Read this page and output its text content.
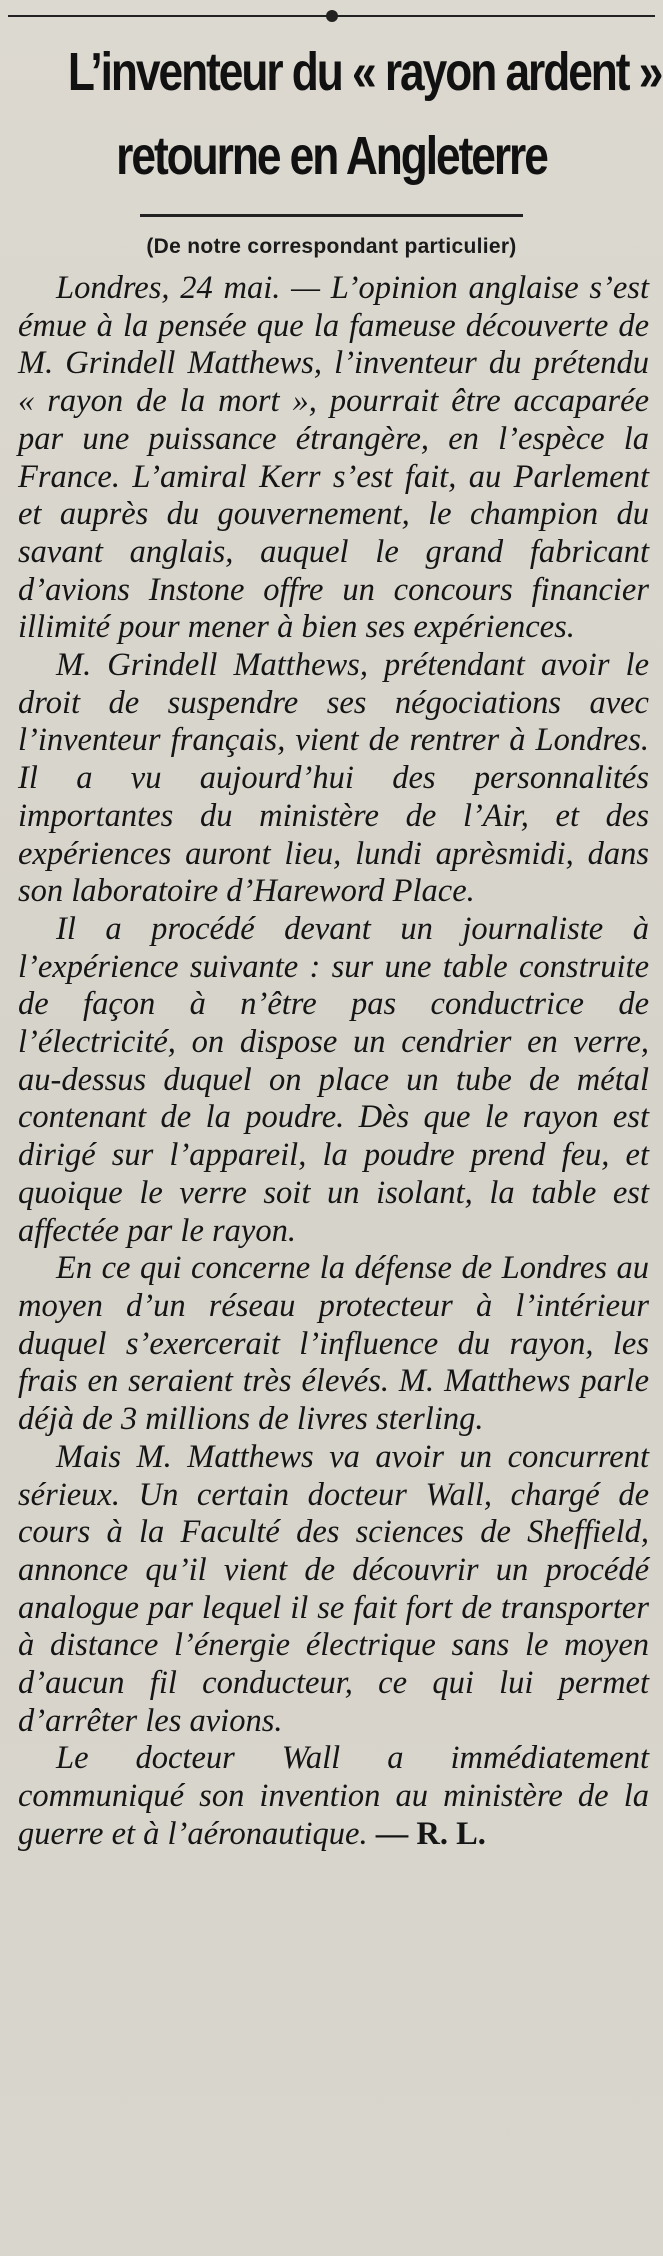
L’inventeur du « rayon ardent »
retourne en Angleterre
(De notre correspondant particulier)

Londres, 24 mai. — L’opinion anglaise s’est émue à la pensée que la fameuse découverte de M. Grindell Matthews, l’inventeur du prétendu « rayon de la mort », pourrait être accaparée par une puissance étrangère, en l’espèce la France. L’amiral Kerr s’est fait, au Parlement et auprès du gouvernement, le champion du savant anglais, auquel le grand fabricant d’avions Instone offre un concours financier illimité pour mener à bien ses expériences.

M. Grindell Matthews, prétendant avoir le droit de suspendre ses négociations avec l’inventeur français, vient de rentrer à Londres. Il a vu aujourd’hui des personnalités importantes du ministère de l’Air, et des expériences auront lieu, lundi aprèsmidi, dans son laboratoire d’Hareword Place.

Il a procédé devant un journaliste à l’expérience suivante : sur une table construite de façon à n’être pas conductrice de l’électricité, on dispose un cendrier en verre, au-dessus duquel on place un tube de métal contenant de la poudre. Dès que le rayon est dirigé sur l’appareil, la poudre prend feu, et quoique le verre soit un isolant, la table est affectée par le rayon.

En ce qui concerne la défense de Londres au moyen d’un réseau protecteur à l’intérieur duquel s’exercerait l’influence du rayon, les frais en seraient très élevés. M. Matthews parle déjà de 3 millions de livres sterling.

Mais M. Matthews va avoir un concurrent sérieux. Un certain docteur Wall, chargé de cours à la Faculté des sciences de Sheffield, annonce qu’il vient de découvrir un procédé analogue par lequel il se fait fort de transporter à distance l’énergie électrique sans le moyen d’aucun fil conducteur, ce qui lui permet d’arrêter les avions.

Le docteur Wall a immédiatement communiqué son invention au ministère de la guerre et à l’aéronautique. — R. L.
